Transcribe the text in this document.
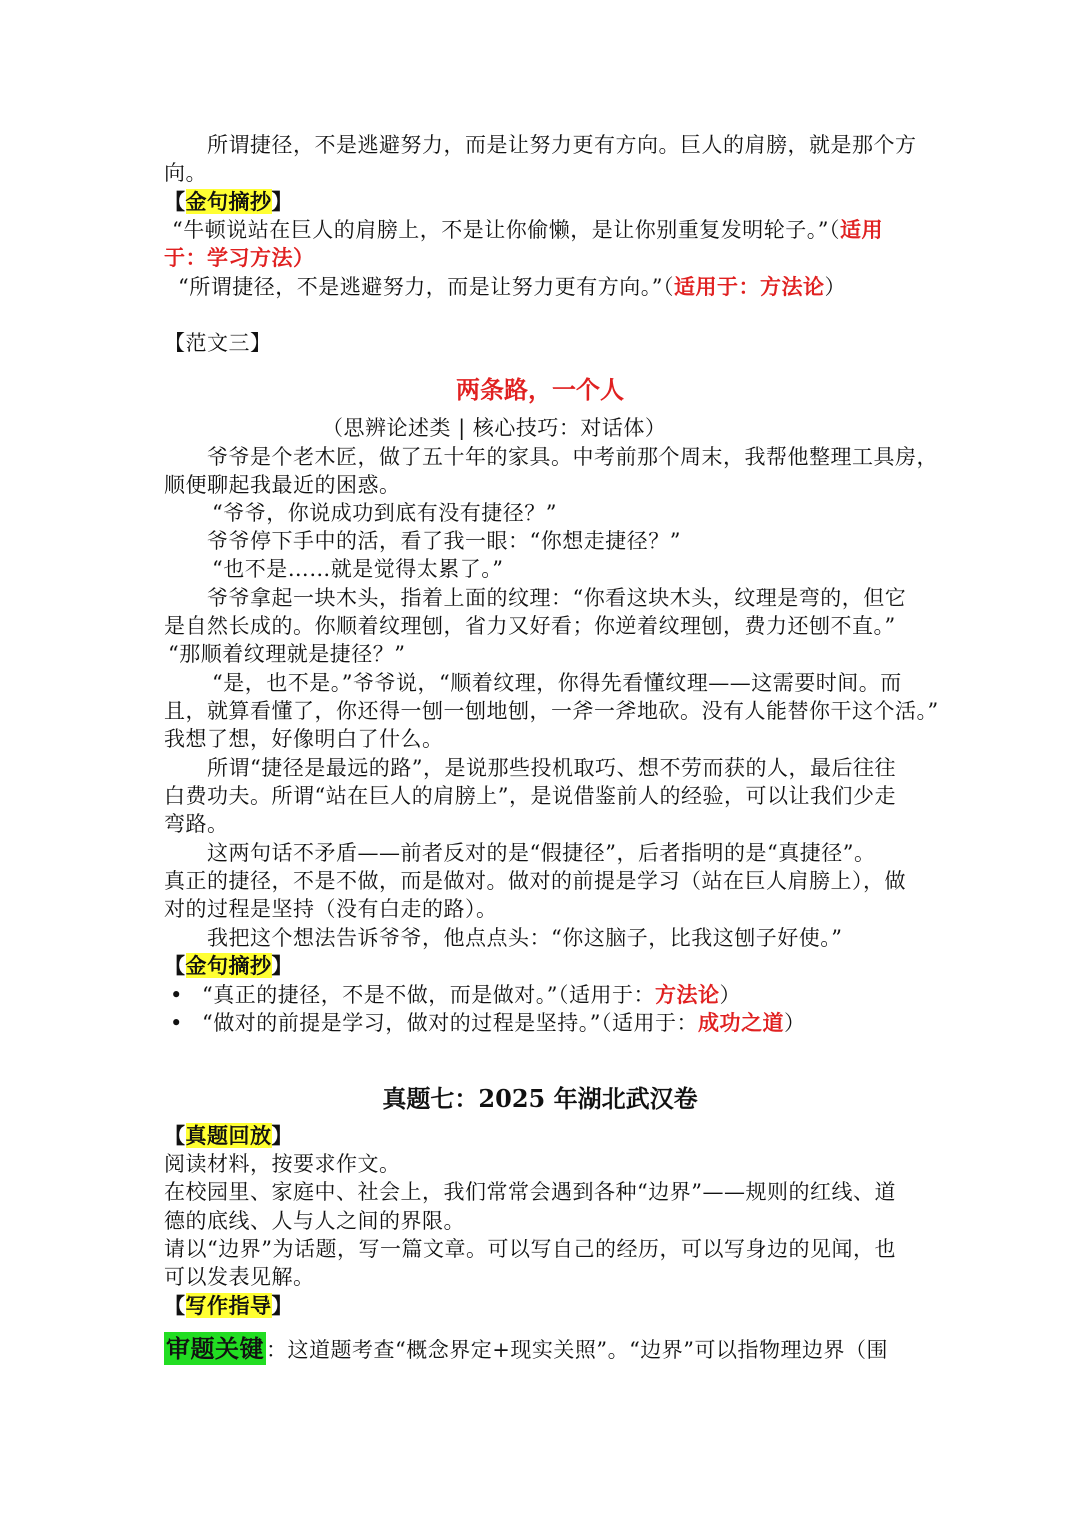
所谓捷径，不是逃避努力，而是让努力更有方向。巨人的肩膀，就是那个方
向。
【金句摘抄】
“牛顿说站在巨人的肩膀上，不是让你偷懒，是让你别重复发明轮子。”（适用
于：学习方法）
“所谓捷径，不是逃避努力，而是让努力更有方向。”（适用于：方法论）
【范文三】
两条路，一个人
（思辨论述类 | 核心技巧：对话体）
爷爷是个老木匠，做了五十年的家具。中考前那个周末，我帮他整理工具房，
顺便聊起我最近的困惑。
“爷爷，你说成功到底有没有捷径？”
爷爷停下手中的活，看了我一眼：“你想走捷径？”
“也不是……就是觉得太累了。”
爷爷拿起一块木头，指着上面的纹理：“你看这块木头，纹理是弯的，但它
是自然长成的。你顺着纹理刨，省力又好看；你逆着纹理刨，费力还刨不直。”
“那顺着纹理就是捷径？”
“是，也不是。”爷爷说，“顺着纹理，你得先看懂纹理——这需要时间。而
且，就算看懂了，你还得一刨一刨地刨，一斧一斧地砍。没有人能替你干这个活。”
我想了想，好像明白了什么。
所谓“捷径是最远的路”，是说那些投机取巧、想不劳而获的人，最后往往
白费功夫。所谓“站在巨人的肩膀上”，是说借鉴前人的经验，可以让我们少走
弯路。
这两句话不矛盾——前者反对的是“假捷径”，后者指明的是“真捷径”。
真正的捷径，不是不做，而是做对。做对的前提是学习（站在巨人肩膀上），做
对的过程是坚持（没有白走的路）。
我把这个想法告诉爷爷，他点点头：“你这脑子，比我这刨子好使。”
【金句摘抄】
• “真正的捷径，不是不做，而是做对。”（适用于：方法论）
• “做对的前提是学习，做对的过程是坚持。”（适用于：成功之道）
真题七：2025 年湖北武汉卷
【真题回放】
阅读材料，按要求作文。
在校园里、家庭中、社会上，我们常常会遇到各种“边界”——规则的红线、道
德的底线、人与人之间的界限。
请以“边界”为话题，写一篇文章。可以写自己的经历，可以写身边的见闻，也
可以发表见解。
【写作指导】
审题关键：这道题考查“概念界定+现实关照”。“边界”可以指物理边界（围
